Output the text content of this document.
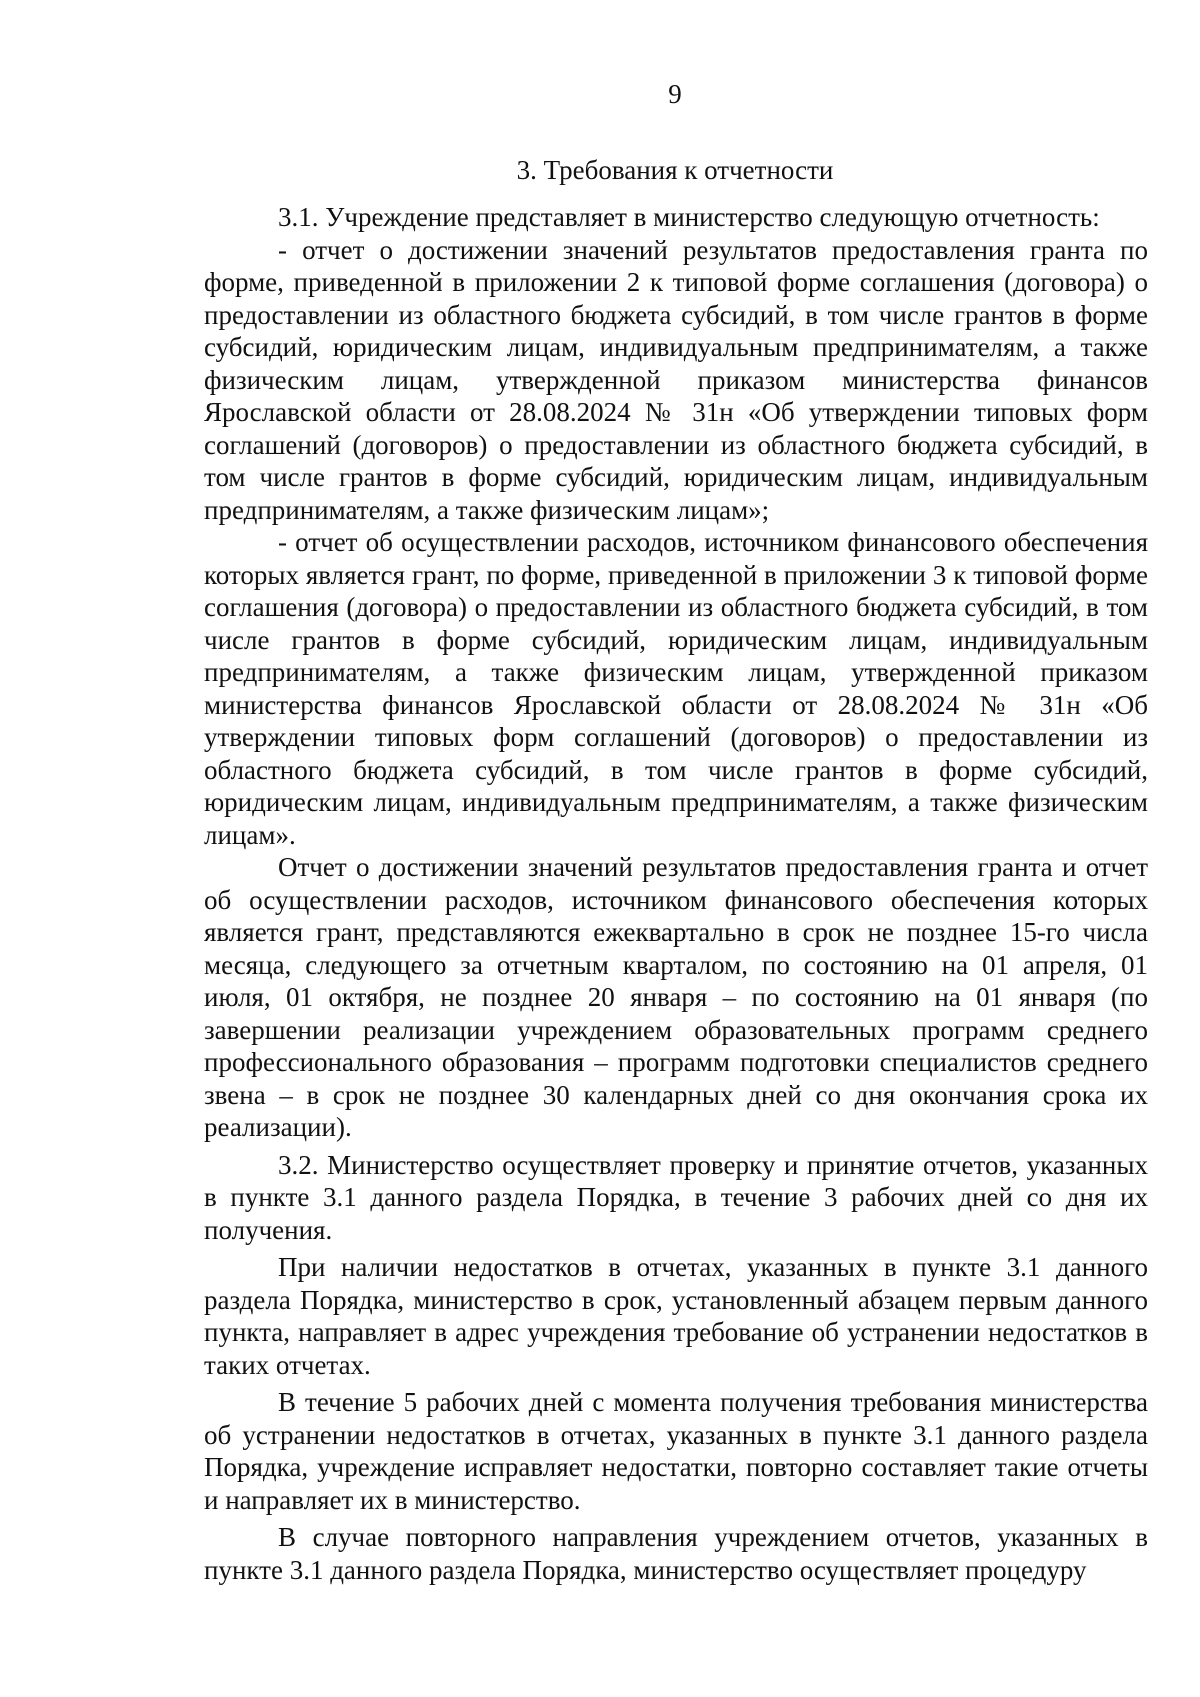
9
3. Требования к отчетности

3.1. Учреждение представляет в министерство следующую отчетность:

- отчет о достижении значений результатов предоставления гранта по форме, приведенной в приложении 2 к типовой форме соглашения (договора) о предоставлении из областного бюджета субсидий, в том числе грантов в форме субсидий, юридическим лицам, индивидуальным предпринимателям, а также физическим лицам, утвержденной приказом министерства финансов Ярославской области от 28.08.2024 № 31н «Об утверждении типовых форм соглашений (договоров) о предоставлении из областного бюджета субсидий, в том числе грантов в форме субсидий, юридическим лицам, индивидуальным предпринимателям, а также физическим лицам»;

- отчет об осуществлении расходов, источником финансового обеспечения которых является грант, по форме, приведенной в приложении 3 к типовой форме соглашения (договора) о предоставлении из областного бюджета субсидий, в том числе грантов в форме субсидий, юридическим лицам, индивидуальным предпринимателям, а также физическим лицам, утвержденной приказом министерства финансов Ярославской области от 28.08.2024 № 31н «Об утверждении типовых форм соглашений (договоров) о предоставлении из областного бюджета субсидий, в том числе грантов в форме субсидий, юридическим лицам, индивидуальным предпринимателям, а также физическим лицам».

Отчет о достижении значений результатов предоставления гранта и отчет об осуществлении расходов, источником финансового обеспечения которых является грант, представляются ежеквартально в срок не позднее 15-го числа месяца, следующего за отчетным кварталом, по состоянию на 01 апреля, 01 июля, 01 октября, не позднее 20 января – по состоянию на 01 января (по завершении реализации учреждением образовательных программ среднего профессионального образования – программ подготовки специалистов среднего звена – в срок не позднее 30 календарных дней со дня окончания срока их реализации).

3.2. Министерство осуществляет проверку и принятие отчетов, указанных в пункте 3.1 данного раздела Порядка, в течение 3 рабочих дней со дня их получения.

При наличии недостатков в отчетах, указанных в пункте 3.1 данного раздела Порядка, министерство в срок, установленный абзацем первым данного пункта, направляет в адрес учреждения требование об устранении недостатков в таких отчетах.

В течение 5 рабочих дней с момента получения требования министерства об устранении недостатков в отчетах, указанных в пункте 3.1 данного раздела Порядка, учреждение исправляет недостатки, повторно составляет такие отчеты и направляет их в министерство.

В случае повторного направления учреждением отчетов, указанных в пункте 3.1 данного раздела Порядка, министерство осуществляет процедуру
